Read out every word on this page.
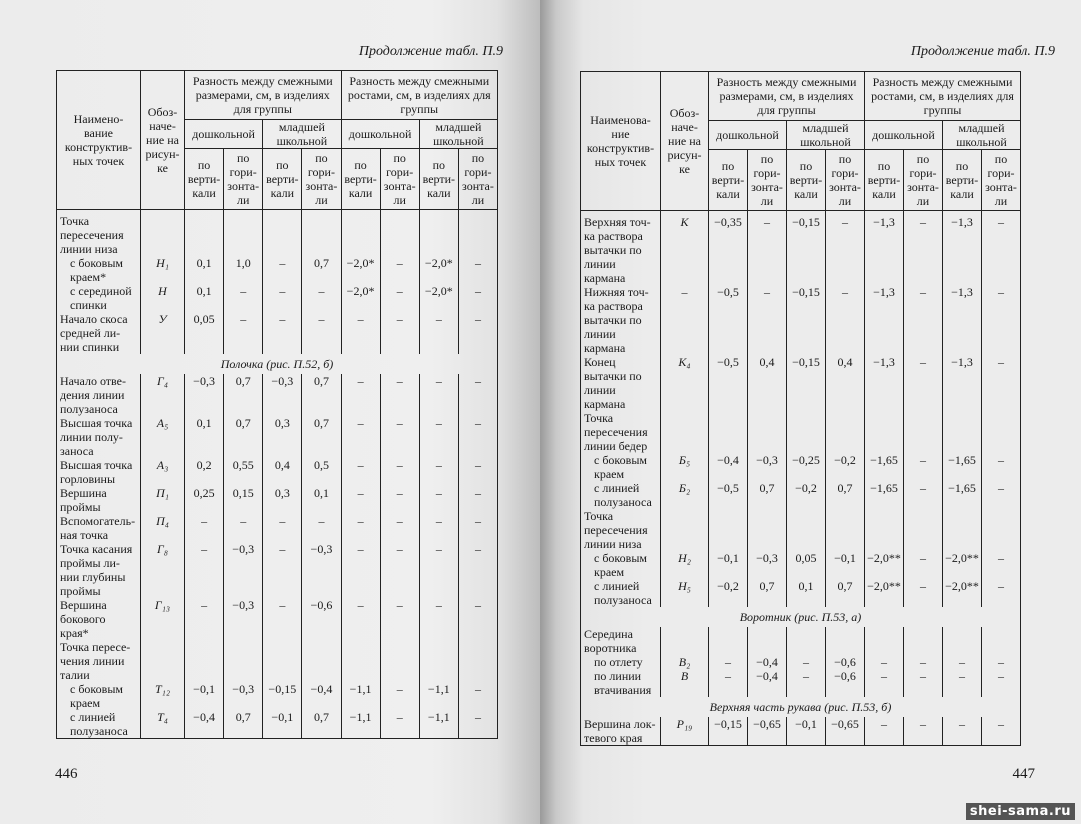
Продолжение табл. П.9
Наимено-
вание
конструктив-
ных точек	Обоз-
наче-
ние на
рисун-
ке	Разность между смежными размерами, см, в изделиях для группы				Разность между смежными ростами, см, в изделиях для группы			
		дошкольной		младшей школьной		дошкольной		младшей школьной	
		по верти-кали	по гори-зонта-ли	по верти-кали	по гори-зонта-ли	по верти-кали	по гори-зонта-ли	по верти-кали	по гори-зонта-ли

Точка
пересечения
линии низа									

с боковым
краем*	Н₁	0,1	1,0	–	0,7	−2,0*	–	−2,0*	–

с серединой
спинки	Н	0,1	–	–	–	−2,0*	–	−2,0*	–

Начало скоса
средней ли-
нии спинки	У	0,05	–	–	–	–	–	–	–
Полочка (рис. П.52, б)									

Начало отве-
дения линии
полузаноса	Г₄	−0,3	0,7	−0,3	0,7	–	–	–	–

Высшая точка
линии полу-
заноса	А₅	0,1	0,7	0,3	0,7	–	–	–	–

Высшая точка
горловины	А₃	0,2	0,55	0,4	0,5	–	–	–	–

Вершина
проймы	П₁	0,25	0,15	0,3	0,1	–	–	–	–

Вспомогатель-
ная точка	П₄	–	–	–	–	–	–	–	–

Точка касания
проймы ли-
нии глубины
проймы	Г₈	–	−0,3	–	−0,3	–	–	–	–

Вершина
бокового
края*	Г₁₃	–	−0,3	–	−0,6	–	–	–	–

Точка пересе-
чения линии
талии									

с боковым
краем	Т₁₂	−0,1	−0,3	−0,15	−0,4	−1,1	–	−1,1	–

с линией
полузаноса	Т₄	−0,4	0,7	−0,1	0,7	−1,1	–	−1,1	–
446
Продолжение табл. П.9
Наименова-
ние
конструктив-
ных точек	Обоз-
наче-
ние на
рисун-
ке	Разность между смежными размерами, см, в изделиях для группы				Разность между смежными ростами, см, в изделиях для группы			
		дошкольной		младшей школьной		дошкольной		младшей школьной	
		по верти-кали	по гори-зонта-ли	по верти-кали	по гори-зонта-ли	по верти-кали	по гори-зонта-ли	по верти-кали	по гори-зонта-ли

Верхняя точ-
ка раствора
вытачки по
линии
кармана	К	−0,35	–	−0,15	–	−1,3	–	−1,3	–

Нижняя точ-
ка раствора
вытачки по
линии
кармана	–	−0,5	–	−0,15	–	−1,3	–	−1,3	–

Конец
вытачки по
линии
кармана	К₄	−0,5	0,4	−0,15	0,4	−1,3	–	−1,3	–

Точка
пересечения
линии бедер									

с боковым
краем	Б₅	−0,4	−0,3	−0,25	−0,2	−1,65	–	−1,65	–

с линией
полузаноса	Б₂	−0,5	0,7	−0,2	0,7	−1,65	–	−1,65	–

Точка
пересечения
линии низа									

с боковым
краем	Н₂	−0,1	−0,3	0,05	−0,1	−2,0**	–	−2,0**	–

с линией
полузаноса	Н₅	−0,2	0,7	0,1	0,7	−2,0**	–	−2,0**	–
Воротник (рис. П.53, а)									

Середина
воротника									

по отлету	В₂	–	−0,4	–	−0,6	–	–	–	–

по линии
втачивания	В	–	−0,4	–	−0,6	–	–	–	–
Верхняя часть рукава (рис. П.53, б)									

Вершина лок-
тевого края	Р₁₉	−0,15	−0,65	−0,1	−0,65	–	–	–	–
447
shei-sama.ru
